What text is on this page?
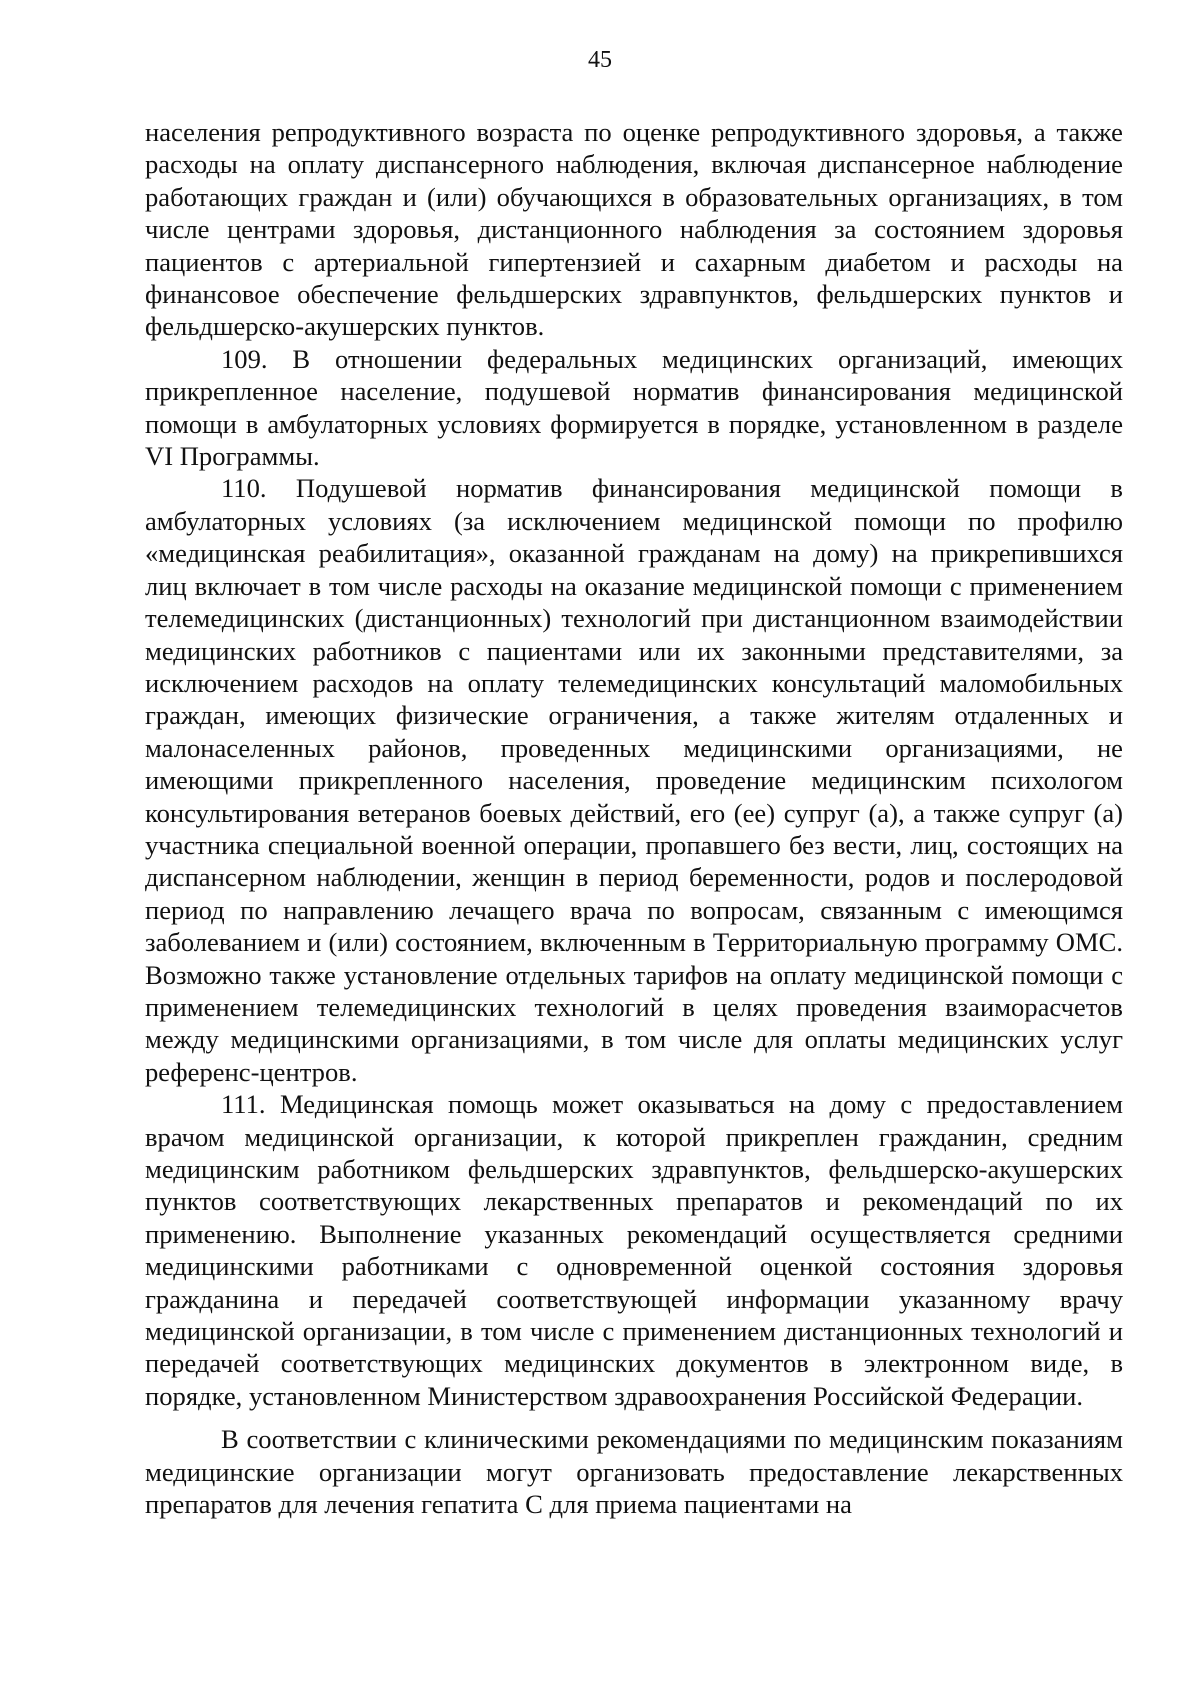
45

населения репродуктивного возраста по оценке репродуктивного здоровья, а также расходы на оплату диспансерного наблюдения, включая диспансерное наблюдение работающих граждан и (или) обучающихся в образовательных организациях, в том числе центрами здоровья, дистанционного наблюдения за состоянием здоровья пациентов с артериальной гипертензией и сахарным диабетом и расходы на финансовое обеспечение фельдшерских здравпунктов, фельдшерских пунктов и фельдшерско-акушерских пунктов.

109. В отношении федеральных медицинских организаций, имеющих прикрепленное население, подушевой норматив финансирования медицинской помощи в амбулаторных условиях формируется в порядке, установленном в разделе VI Программы.

110. Подушевой норматив финансирования медицинской помощи в амбулаторных условиях (за исключением медицинской помощи по профилю «медицинская реабилитация», оказанной гражданам на дому) на прикрепившихся лиц включает в том числе расходы на оказание медицинской помощи с применением телемедицинских (дистанционных) технологий при дистанционном взаимодействии медицинских работников с пациентами или их законными представителями, за исключением расходов на оплату телемедицинских консультаций маломобильных граждан, имеющих физические ограничения, а также жителям отдаленных и малонаселенных районов, проведенных медицинскими организациями, не имеющими прикрепленного населения, проведение медицинским психологом консультирования ветеранов боевых действий, его (ее) супруг (а), а также супруг (а) участника специальной военной операции, пропавшего без вести, лиц, состоящих на диспансерном наблюдении, женщин в период беременности, родов и послеродовой период по направлению лечащего врача по вопросам, связанным с имеющимся заболеванием и (или) состоянием, включенным в Территориальную программу ОМС. Возможно также установление отдельных тарифов на оплату медицинской помощи с применением телемедицинских технологий в целях проведения взаиморасчетов между медицинскими организациями, в том числе для оплаты медицинских услуг референс-центров.

111. Медицинская помощь может оказываться на дому с предоставлением врачом медицинской организации, к которой прикреплен гражданин, средним медицинским работником фельдшерских здравпунктов, фельдшерско-акушерских пунктов соответствующих лекарственных препаратов и рекомендаций по их применению. Выполнение указанных рекомендаций осуществляется средними медицинскими работниками с одновременной оценкой состояния здоровья гражданина и передачей соответствующей информации указанному врачу медицинской организации, в том числе с применением дистанционных технологий и передачей соответствующих медицинских документов в электронном виде, в порядке, установленном Министерством здравоохранения Российской Федерации.

В соответствии с клиническими рекомендациями по медицинским показаниям медицинские организации могут организовать предоставление лекарственных препаратов для лечения гепатита C для приема пациентами на
